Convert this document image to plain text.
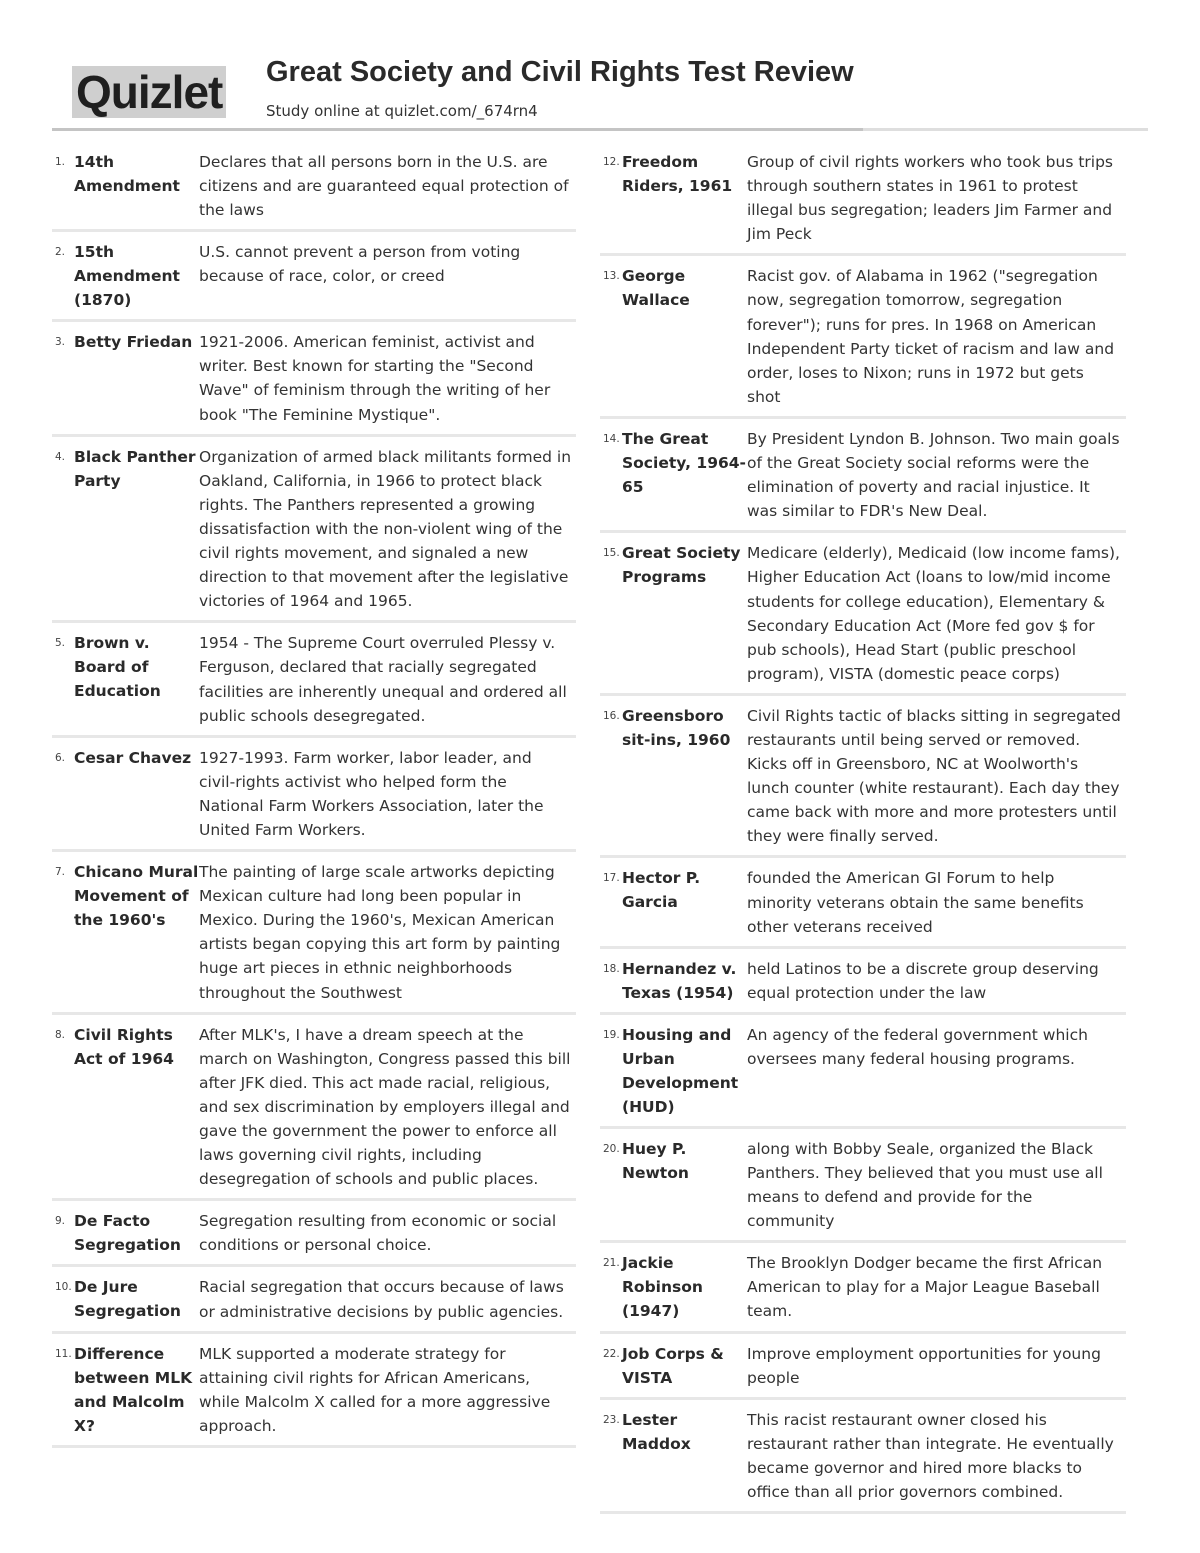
Quizlet Great Society and Civil Rights Test Review
Study online at quizlet.com/_674rn4
1. 14th Amendment
Declares that all persons born in the U.S. are citizens and are guaranteed equal protection of the laws
2. 15th Amendment (1870)
U.S. cannot prevent a person from voting because of race, color, or creed
3. Betty Friedan 1921-2006. American feminist, activist and writer. Best known for starting the "Second Wave" of feminism through the writing of her book "The Feminine Mystique".
4. Black Panther Party
Organization of armed black militants formed in Oakland, California, in 1966 to protect black rights. The Panthers represented a growing dissatisfaction with the non-violent wing of the civil rights movement, and signaled a new direction to that movement after the legislative victories of 1964 and 1965.
5. Brown v. Board of Education
1954 - The Supreme Court overruled Plessy v. Ferguson, declared that racially segregated facilities are inherently unequal and ordered all public schools desegregated.
6. Cesar Chavez 1927-1993. Farm worker, labor leader, and civil-rights activist who helped form the National Farm Workers Association, later the United Farm Workers.
7. Chicano Mural Movement of the 1960's
The painting of large scale artworks depicting Mexican culture had long been popular in Mexico. During the 1960's, Mexican American artists began copying this art form by painting huge art pieces in ethnic neighborhoods throughout the Southwest
8. Civil Rights Act of 1964
After MLK's, I have a dream speech at the march on Washington, Congress passed this bill after JFK died. This act made racial, religious, and sex discrimination by employers illegal and gave the government the power to enforce all laws governing civil rights, including desegregation of schools and public places.
9. De Facto Segregation
Segregation resulting from economic or social conditions or personal choice.
10. De Jure Segregation
Racial segregation that occurs because of laws or administrative decisions by public agencies.
11. Difference between MLK and Malcolm X?
MLK supported a moderate strategy for attaining civil rights for African Americans, while Malcolm X called for a more aggressive approach.
12. Freedom Riders, 1961
Group of civil rights workers who took bus trips through southern states in 1961 to protest illegal bus segregation; leaders Jim Farmer and Jim Peck
13. George Wallace
Racist gov. of Alabama in 1962 ("segregation now, segregation tomorrow, segregation forever"); runs for pres. In 1968 on American Independent Party ticket of racism and law and order, loses to Nixon; runs in 1972 but gets shot
14. The Great Society, 1964-65
By President Lyndon B. Johnson. Two main goals of the Great Society social reforms were the elimination of poverty and racial injustice. It was similar to FDR's New Deal.
15. Great Society Programs
Medicare (elderly), Medicaid (low income fams), Higher Education Act (loans to low/mid income students for college education), Elementary & Secondary Education Act (More fed gov $ for pub schools), Head Start (public preschool program), VISTA (domestic peace corps)
16. Greensboro sit-ins, 1960
Civil Rights tactic of blacks sitting in segregated restaurants until being served or removed. Kicks off in Greensboro, NC at Woolworth's lunch counter (white restaurant). Each day they came back with more and more protesters until they were finally served.
17. Hector P. Garcia
founded the American GI Forum to help minority veterans obtain the same benefits other veterans received
18. Hernandez v. Texas (1954)
held Latinos to be a discrete group deserving equal protection under the law
19. Housing and Urban Development (HUD)
An agency of the federal government which oversees many federal housing programs.
20. Huey P. Newton
along with Bobby Seale, organized the Black Panthers. They believed that you must use all means to defend and provide for the community
21. Jackie Robinson (1947)
The Brooklyn Dodger became the first African American to play for a Major League Baseball team.
22. Job Corps & VISTA
Improve employment opportunities for young people
23. Lester Maddox
This racist restaurant owner closed his restaurant rather than integrate. He eventually became governor and hired more blacks to office than all prior governors combined.
